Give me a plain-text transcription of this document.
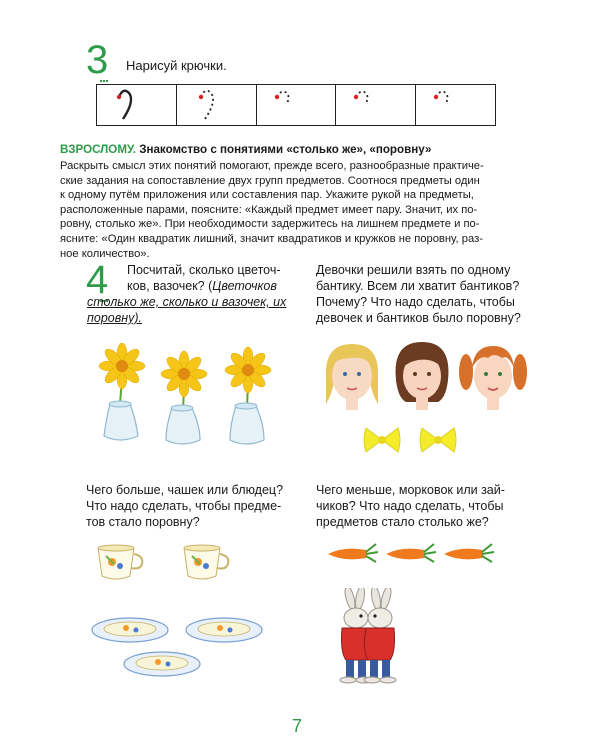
3 Нарисуй крючки.
ВЗРОСЛОМУ. Знакомство с понятиями «столько же», «поровну»
Раскрыть смысл этих понятий помогают, прежде всего, разнообразные практиче-
ские задания на сопоставление двух групп предметов. Соотнося предметы один
к одному путём приложения или составления пар. Укажите рукой на предметы,
расположенные парами, поясните: «Каждый предмет имеет пару. Значит, их по-
ровну, столько же». При необходимости задержитесь на лишнем предмете и по-
ясните: «Один квадратик лишний, значит квадратиков и кружков не поровну, раз-
ное количество».
4 Посчитай, сколько цветоч-
ков, вазочек? (Цветочков
столько же, сколько и вазочек, их
поровну).
Девочки решили взять по одному
бантику. Всем ли хватит бантиков?
Почему? Что надо сделать, чтобы
девочек и бантиков было поровну?
Чего больше, чашек или блюдец?
Что надо сделать, чтобы предме-
тов стало поровну?
Чего меньше, морковок или зай-
чиков? Что надо сделать, чтобы
предметов стало столько же?
7
